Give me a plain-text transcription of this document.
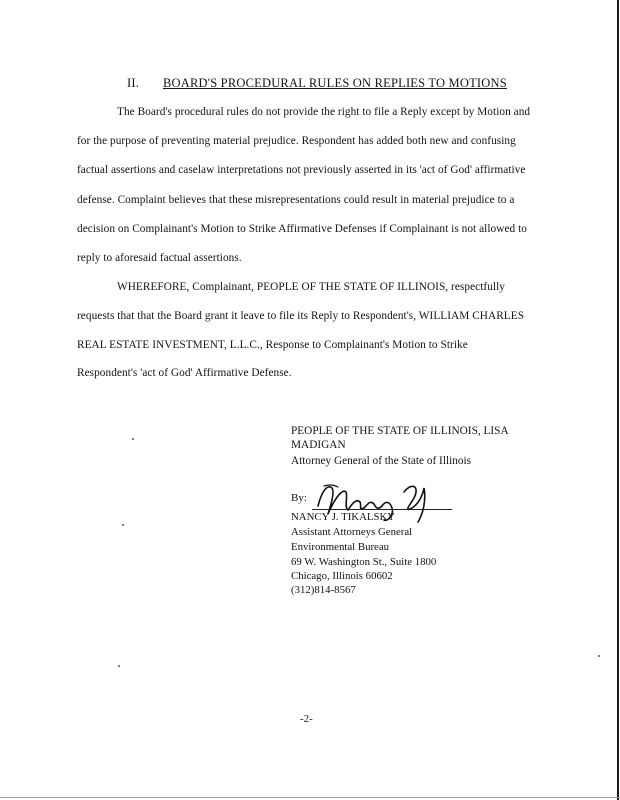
II. BOARD'S PROCEDURAL RULES ON REPLIES TO MOTIONS
The Board's procedural rules do not provide the right to file a Reply except by Motion and
for the purpose of preventing material prejudice. Respondent has added both new and confusing
factual assertions and caselaw interpretations not previously asserted in its 'act of God' affirmative
defense. Complaint believes that these misrepresentations could result in material prejudice to a
decision on Complainant's Motion to Strike Affirmative Defenses if Complainant is not allowed to
reply to aforesaid factual assertions.
WHEREFORE, Complainant, PEOPLE OF THE STATE OF ILLINOIS, respectfully
requests that that the Board grant it leave to file its Reply to Respondent's, WILLIAM CHARLES
REAL ESTATE INVESTMENT, L.L.C., Response to Complainant's Motion to Strike
Respondent's 'act of God' Affirmative Defense.
PEOPLE OF THE STATE OF ILLINOIS, LISA
MADIGAN
Attorney General of the State of Illinois
By:
NANCY J. TIKALSKY
Assistant Attorneys General
Environmental Bureau
69 W. Washington St., Suite 1800
Chicago, Illinois 60602
(312)814-8567
-2-
